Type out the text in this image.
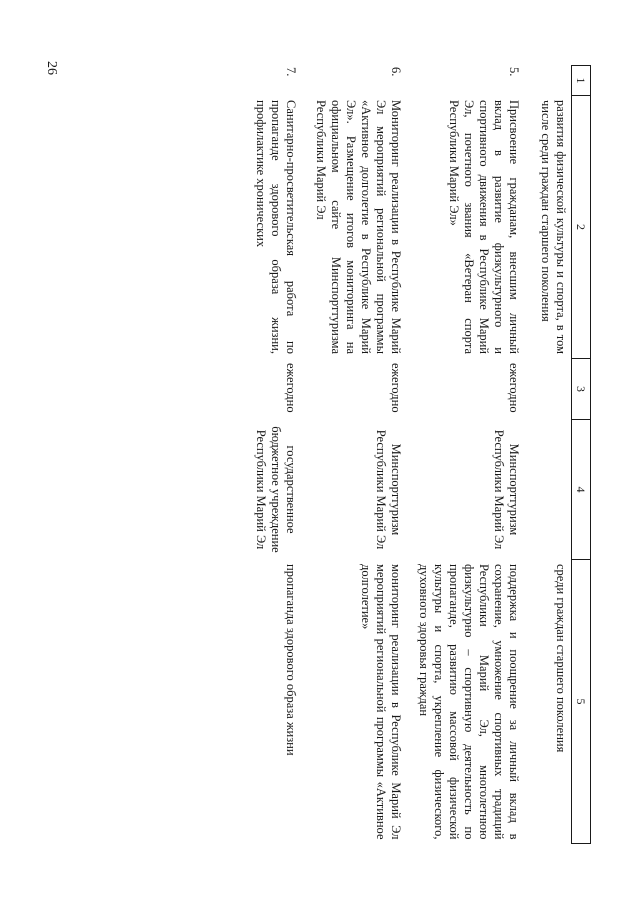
26
1	2	3	4	5
	развития физической культуры и спорта, в том числе среди граждан старшего поколения			среди граждан старшего поколения
5.	Присвоение гражданам, внесшим личный вклад в развитие физкультурного и спортивного движения в Республике Марий Эл, почетного звания «Ветеран спорта Республики Марий Эл»	ежегодно	Минспорттуризм Республики Марий Эл	поддержка и поощрение за личный вклад в сохранение, умножение спортивных традиций Республики Марий Эл, многолетнюю физкультурно – спортивную деятельность по пропаганде, развитию массовой физической культуры и спорта, укрепление физического, духовного здоровья граждан
6.	Мониторинг реализации в Республике Марий Эл мероприятий региональной программы «Активное долголетие в Республике Марий Эл». Размещение итогов мониторинга на официальном сайте Минспорттуризма Республики Марий Эл	ежегодно	Минспорттуризм Республики Марий Эл	мониторинг реализации в Республике Марий Эл мероприятий региональной программы «Активное долголетие»
7.	Санитарно-просветительская работа по пропаганде здорового образа жизни, профилактике хронических	ежегодно	государственное бюджетное учреждение Республики Марий Эл	пропаганда здорового образа жизни
